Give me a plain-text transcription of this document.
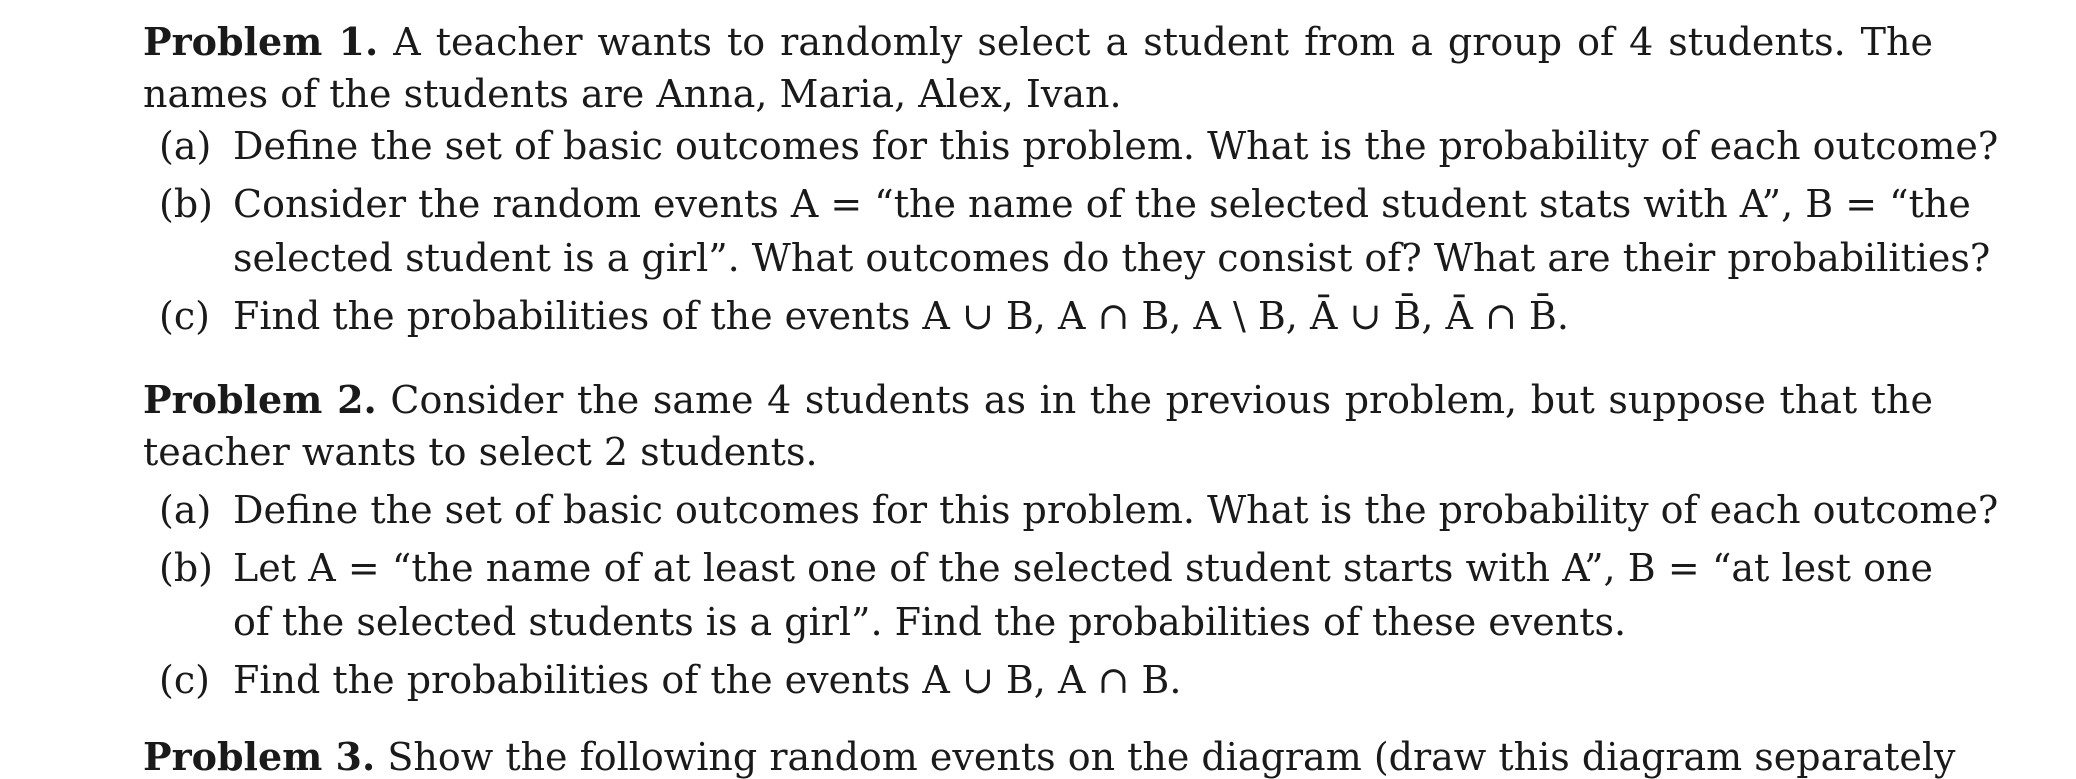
Problem 1. A teacher wants to randomly select a student from a group of 4 students. The
names of the students are Anna, Maria, Alex, Ivan.
(a) Define the set of basic outcomes for this problem. What is the probability of each outcome?
(b) Consider the random events A = “the name of the selected student stats with A”, B = “the
selected student is a girl”. What outcomes do they consist of? What are their probabilities?
(c) Find the probabilities of the events A ∪ B, A ∩ B, A \ B, Ā ∪ B̄, Ā ∩ B̄.
Problem 2. Consider the same 4 students as in the previous problem, but suppose that the
teacher wants to select 2 students.
(a) Define the set of basic outcomes for this problem. What is the probability of each outcome?
(b) Let A = “the name of at least one of the selected student starts with A”, B = “at lest one
of the selected students is a girl”. Find the probabilities of these events.
(c) Find the probabilities of the events A ∪ B, A ∩ B.
Problem 3. Show the following random events on the diagram (draw this diagram separately
